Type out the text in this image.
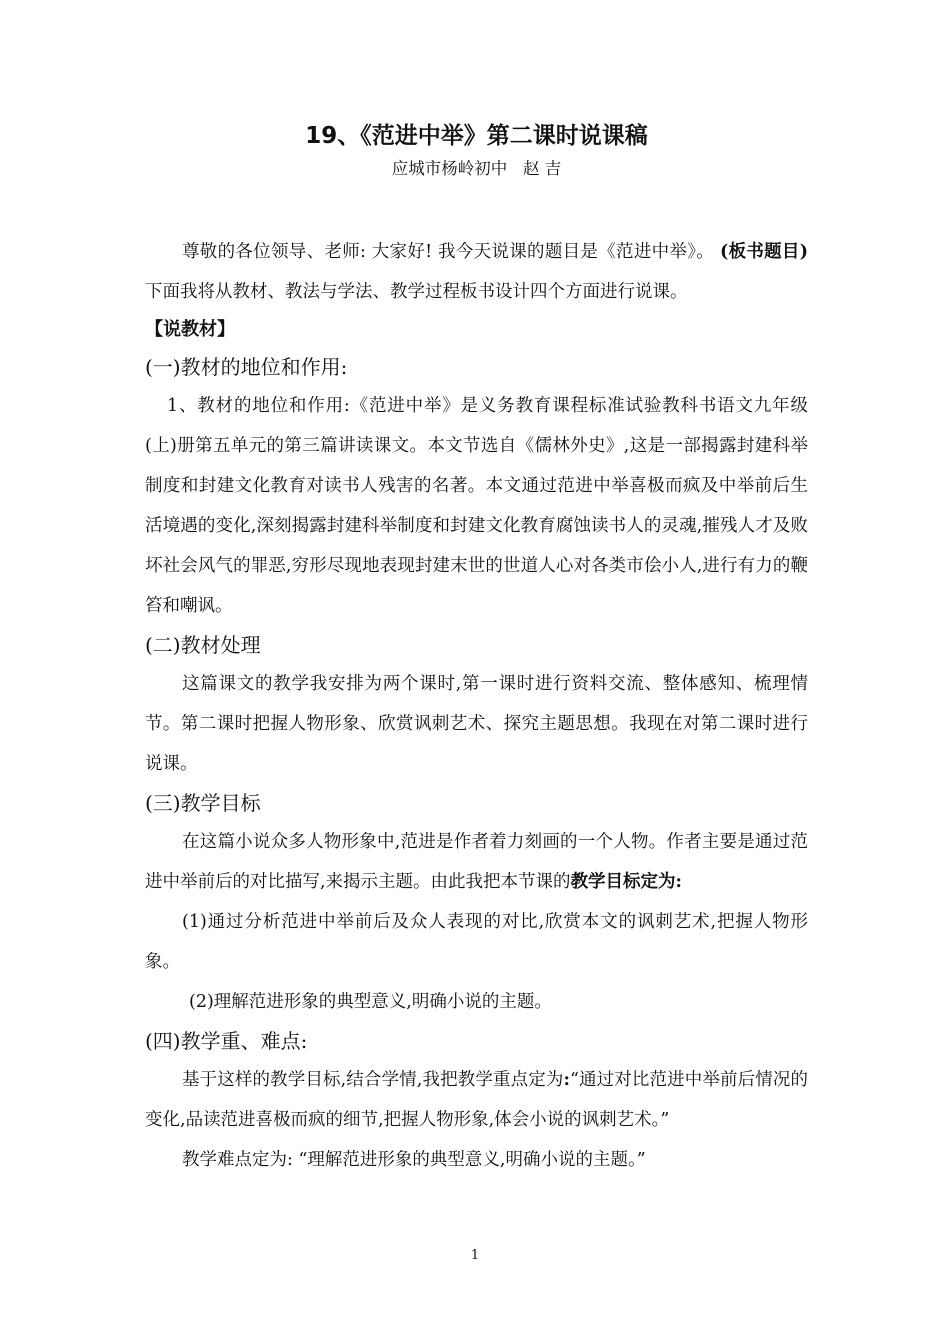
19、《范进中举》第二课时说课稿

应城市杨岭初中   赵 吉

尊敬的各位领导、老师: 大家好! 我今天说课的题目是《范进中举》。 (板书题目)下面我将从教材、教法与学法、教学过程板书设计四个方面进行说课。

【说教材】

(一)教材的地位和作用:

1、教材的地位和作用:《范进中举》是义务教育课程标准试验教科书语文九年级(上)册第五单元的第三篇讲读课文。本文节选自《儒林外史》,这是一部揭露封建科举制度和封建文化教育对读书人残害的名著。本文通过范进中举喜极而疯及中举前后生活境遇的变化,深刻揭露封建科举制度和封建文化教育腐蚀读书人的灵魂,摧残人才及败坏社会风气的罪恶,穷形尽现地表现封建末世的世道人心对各类市侩小人,进行有力的鞭笞和嘲讽。

(二)教材处理

这篇课文的教学我安排为两个课时,第一课时进行资料交流、整体感知、梳理情节。第二课时把握人物形象、欣赏讽刺艺术、探究主题思想。我现在对第二课时进行说课。

(三)教学目标

在这篇小说众多人物形象中,范进是作者着力刻画的一个人物。作者主要是通过范进中举前后的对比描写,来揭示主题。由此我把本节课的教学目标定为:

(1)通过分析范进中举前后及众人表现的对比,欣赏本文的讽刺艺术,把握人物形象。

(2)理解范进形象的典型意义,明确小说的主题。

(四)教学重、难点:

基于这样的教学目标,结合学情,我把教学重点定为:“通过对比范进中举前后情况的变化,品读范进喜极而疯的细节,把握人物形象,体会小说的讽刺艺术。”

教学难点定为: “理解范进形象的典型意义,明确小说的主题。”

1
